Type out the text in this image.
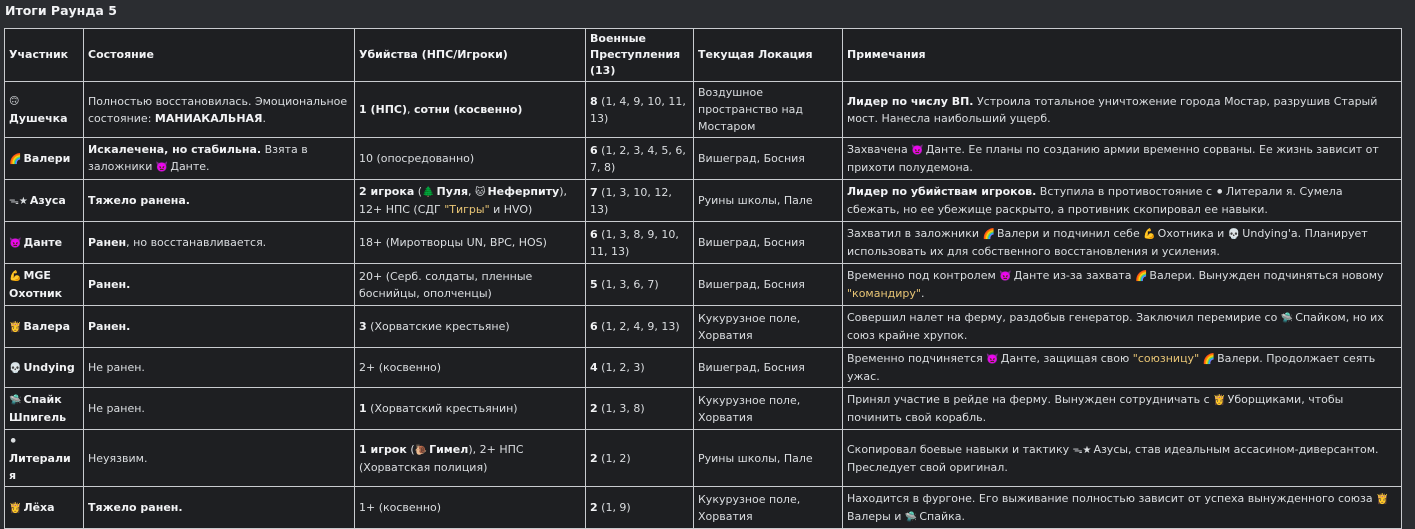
Итоги Раунда 5
Участник	Состояние	Убийства (НПС/Игроки)	Военные
Преступления (13)	Текущая Локация	Примечания
🙃Душечка	Полностью восстановилась. Эмоциональное состояние: МАНИАКАЛЬНАЯ.	1 (НПС), сотни (косвенно)	8 (1, 4, 9, 10, 11, 13)	Воздушное пространство над Мостаром	Лидер по числу ВП. Устроила тотальное уничтожение города Мостар, разрушив Старый мост. Нанесла наибольший ущерб.
🌈 Валери	Искалечена, но стабильна. Взята в заложники 👿 Данте.	10 (опосредованно)	6 (1, 2, 3, 4, 5, 6, 7, 8)	Вишеград, Босния	Захвачена 👿 Данте. Ее планы по созданию армии временно сорваны. Ее жизнь зависит от прихоти полудемона.
ᯓ★ Азуса	Тяжело ранена.	2 игрока (🌲 Пуля, 🐱 Неферпиту), 12+ НПС (СДГ "Тигры" и HVO)	7 (1, 3, 10, 12, 13)	Руины школы, Пале	Лидер по убийствам игроков. Вступила в противостояние с ⚫ Литерали я. Сумела сбежать, но ее убежище раскрыто, а противник скопировал ее навыки.
👿 Данте	Ранен, но восстанавливается.	18+ (Миротворцы UN, ВРС, HOS)	6 (1, 3, 8, 9, 10, 11, 13)	Вишеград, Босния	Захватил в заложники 🌈 Валери и подчинил себе 💪 Охотника и 💀 Undying'а. Планирует использовать их для собственного восстановления и усиления.
💪 MGE
Охотник	Ранен.	20+ (Серб. солдаты, пленные боснийцы, ополченцы)	5 (1, 3, 6, 7)	Вишеград, Босния	Временно под контролем 👿 Данте из-за захвата 🌈 Валери. Вынужден подчиняться новому "командиру".
👸 Валера	Ранен.	3 (Хорватские крестьяне)	6 (1, 2, 4, 9, 13)	Кукурузное поле, Хорватия	Совершил налет на ферму, раздобыв генератор. Заключил перемирие со 🛸 Спайком, но их союз крайне хрупок.
💀 Undying	Не ранен.	2+ (косвенно)	4 (1, 2, 3)	Вишеград, Босния	Временно подчиняется 👿 Данте, защищая свою "союзницу" 🌈 Валери. Продолжает сеять ужас.
🛸 Спайк
Шпигель	Не ранен.	1 (Хорватский крестьянин)	2 (1, 3, 8)	Кукурузное поле, Хорватия	Принял участие в рейде на ферму. Вынужден сотрудничать с 👸 Уборщиками, чтобы починить свой корабль.
⚫Литерали
я	Неуязвим.	1 игрок (🐌 Гимел), 2+ НПС (Хорватская полиция)	2 (1, 2)	Руины школы, Пале	Скопировал боевые навыки и тактику ᯓ★ Азусы, став идеальным ассасином-диверсантом. Преследует свой оригинал.
👸 Лёха	Тяжело ранен.	1+ (косвенно)	2 (1, 9)	Кукурузное поле, Хорватия	Находится в фургоне. Его выживание полностью зависит от успеха вынужденного союза 👸Валеры и 🛸 Спайка.
